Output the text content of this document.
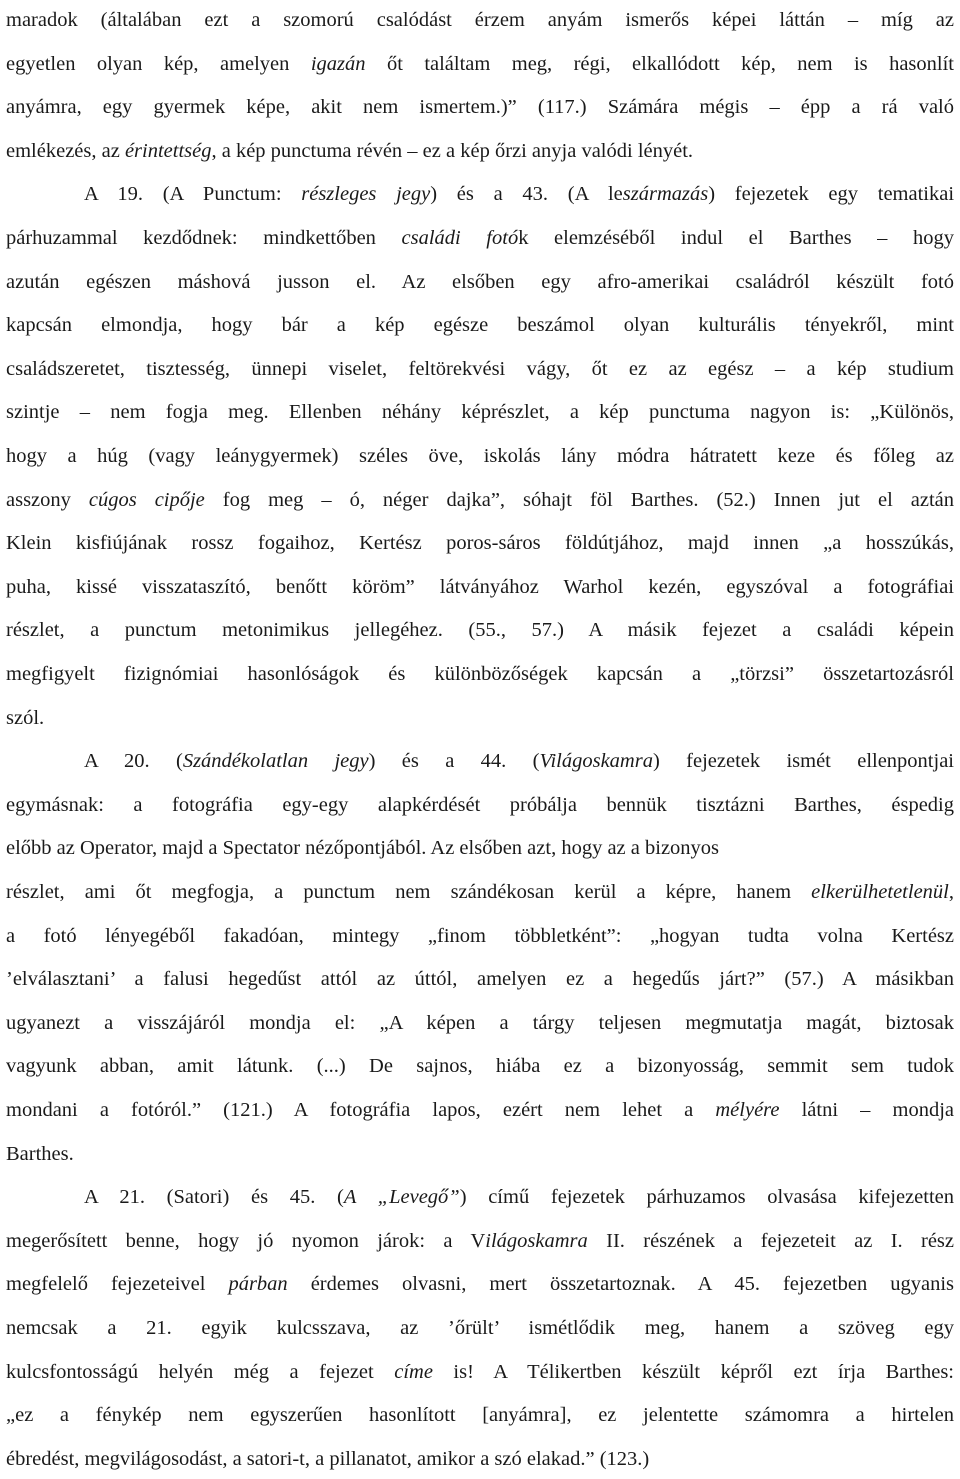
maradok (általában ezt a szomorú csalódást érzem anyám ismerős képei láttán – míg az
egyetlen olyan kép, amelyen igazán őt találtam meg, régi, elkallódott kép, nem is hasonlít
anyámra, egy gyermek képe, akit nem ismertem.)” (117.) Számára mégis – épp a rá való
emlékezés, az érintettség, a kép punctuma révén – ez a kép őrzi anyja valódi lényét.
A 19. (A Punctum: részleges jegy) és a 43. (A leszármazás) fejezetek egy tematikai
párhuzammal kezdődnek: mindkettőben családi fotók elemzéséből indul el Barthes – hogy
azután egészen máshová jusson el. Az elsőben egy afro-amerikai családról készült fotó
kapcsán elmondja, hogy bár a kép egésze beszámol olyan kulturális tényekről, mint
családszeretet, tisztesség, ünnepi viselet, feltörekvési vágy, őt ez az egész – a kép studium
szintje – nem fogja meg. Ellenben néhány képrészlet, a kép punctuma nagyon is: „Különös,
hogy a húg (vagy leánygyermek) széles öve, iskolás lány módra hátratett keze és főleg az
asszony cúgos cipője fog meg – ó, néger dajka”, sóhajt föl Barthes. (52.) Innen jut el aztán
Klein kisfiújának rossz fogaihoz, Kertész poros-sáros földútjához, majd innen „a hosszúkás,
puha, kissé visszataszító, benőtt köröm” látványához Warhol kezén, egyszóval a fotográfiai
részlet, a punctum metonimikus jellegéhez. (55., 57.) A másik fejezet a családi képein
megfigyelt fizignómiai hasonlóságok és különbözőségek kapcsán a „törzsi” összetartozásról
szól.
A 20. (Szándékolatlan jegy) és a 44. (Világoskamra) fejezetek ismét ellenpontjai
egymásnak: a fotográfia egy-egy alapkérdését próbálja bennük tisztázni Barthes, éspedig
előbb az Operator, majd a Spectator nézőpontjából. Az elsőben azt, hogy az a bizonyos
részlet, ami őt megfogja, a punctum nem szándékosan kerül a képre, hanem elkerülhetetlenül,
a fotó lényegéből fakadóan, mintegy „finom többletként”: „hogyan tudta volna Kertész
’elválasztani’ a falusi hegedűst attól az úttól, amelyen ez a hegedűs járt?” (57.) A másikban
ugyanezt a visszájáról mondja el: „A képen a tárgy teljesen megmutatja magát, biztosak
vagyunk abban, amit látunk. (...) De sajnos, hiába ez a bizonyosság, semmit sem tudok
mondani a fotóról.” (121.) A fotográfia lapos, ezért nem lehet a mélyére látni – mondja
Barthes.
A 21. (Satori) és 45. (A „Levegő”) című fejezetek párhuzamos olvasása kifejezetten
megerősített benne, hogy jó nyomon járok: a Világoskamra II. részének a fejezeteit az I. rész
megfelelő fejezeteivel párban érdemes olvasni, mert összetartoznak. A 45. fejezetben ugyanis
nemcsak a 21. egyik kulcsszava, az ’őrült’ ismétlődik meg, hanem a szöveg egy
kulcsfontosságú helyén még a fejezet címe is! A Télikertben készült képről ezt írja Barthes:
„ez a fénykép nem egyszerűen hasonlított [anyámra], ez jelentette számomra a hirtelen
ébredést, megvilágosodást, a satori-t, a pillanatot, amikor a szó elakad.” (123.)
